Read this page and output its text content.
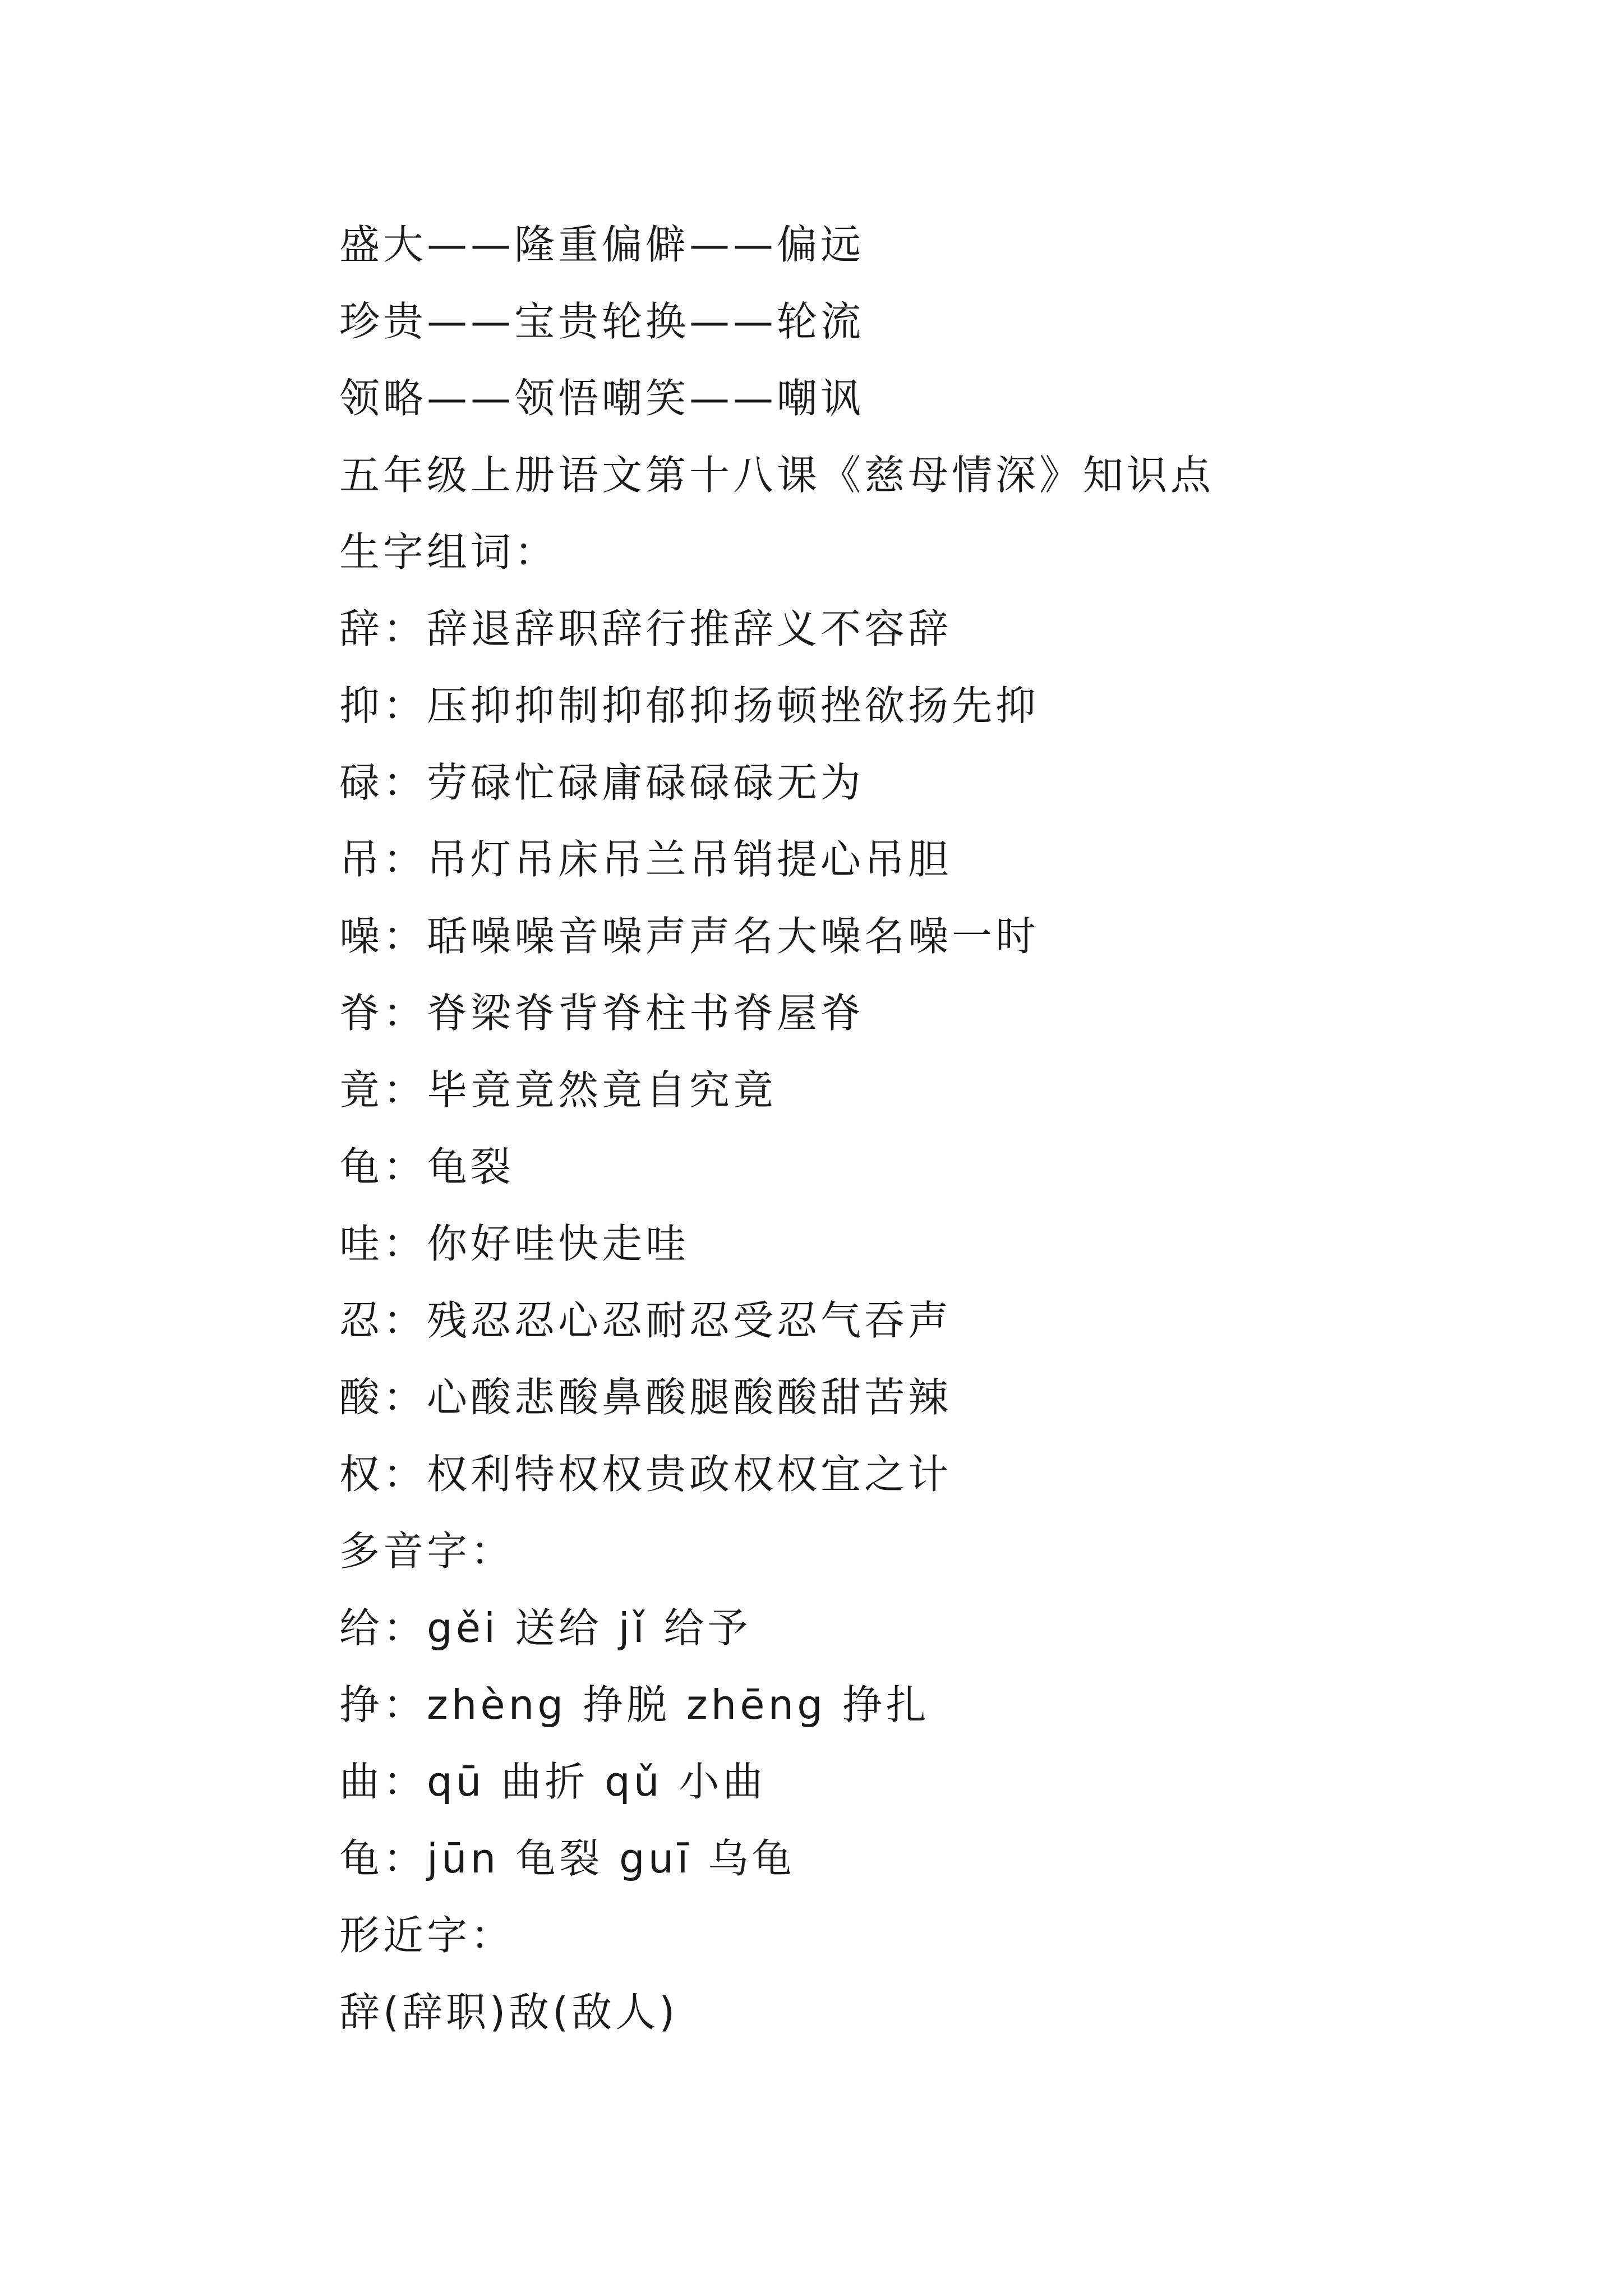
盛大——隆重偏僻——偏远
珍贵——宝贵轮换——轮流
领略——领悟嘲笑——嘲讽
五年级上册语文第十八课《慈母情深》知识点
生字组词：
辞：辞退辞职辞行推辞义不容辞
抑：压抑抑制抑郁抑扬顿挫欲扬先抑
碌：劳碌忙碌庸碌碌碌无为
吊：吊灯吊床吊兰吊销提心吊胆
噪：聒噪噪音噪声声名大噪名噪一时
脊：脊梁脊背脊柱书脊屋脊
竟：毕竟竟然竟自究竟
龟：龟裂
哇：你好哇快走哇
忍：残忍忍心忍耐忍受忍气吞声
酸：心酸悲酸鼻酸腿酸酸甜苦辣
权：权利特权权贵政权权宜之计
多音字：
给：gěi 送给 jǐ 给予
挣：zhèng 挣脱 zhēng 挣扎
曲：qū 曲折 qǔ 小曲
龟：jūn 龟裂 guī 乌龟
形近字：
辞(辞职)敌(敌人)
